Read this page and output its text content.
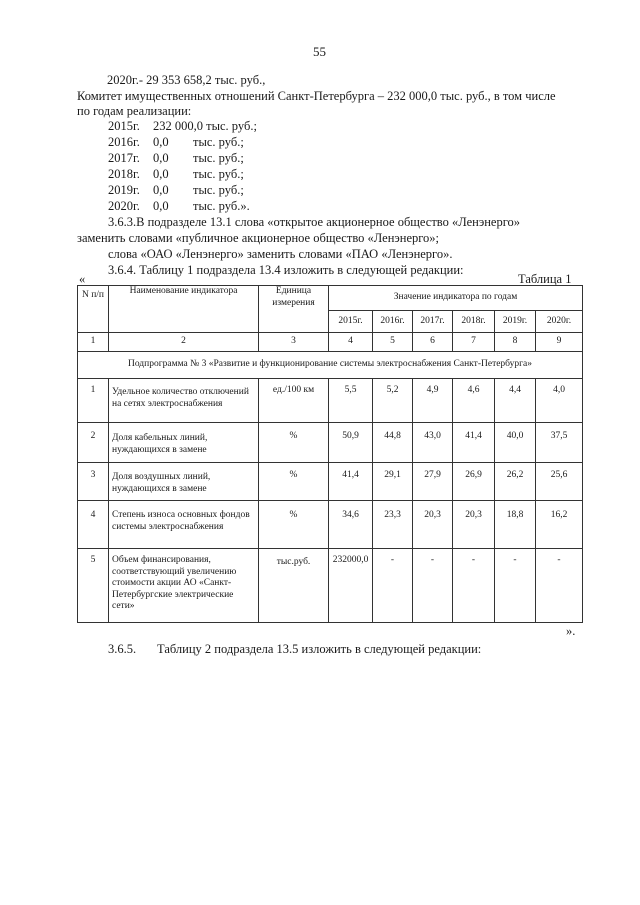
55
2020г.- 29 353 658,2 тыс. руб.,
Комитет имущественных отношений Санкт-Петербурга – 232 000,0 тыс. руб., в том числе
по годам реализации:
2015г. 232 000,0 тыс. руб.;
2016г. 0,0 тыс. руб.;
2017г. 0,0 тыс. руб.;
2018г. 0,0 тыс. руб.;
2019г. 0,0 тыс. руб.;
2020г. 0,0 тыс. руб.».
3.6.3.В подразделе 13.1 слова «открытое акционерное общество «Ленэнерго»
заменить словами «публичное акционерное общество «Ленэнерго»;
слова «ОАО «Ленэнерго» заменить словами «ПАО «Ленэнерго».
3.6.4. Таблицу 1 подраздела 13.4 изложить в следующей редакции:
«	Таблица 1
N п/п	Наименование индикатора	Единица измерения	Значение индикатора по годам					
			2015г.	2016г.	2017г.	2018г.	2019г.	2020г.
1	2	3	4	5	6	7	8	9
Подпрограмма № 3 «Развитие и функционирование системы электроснабжения Санкт-Петербурга»								
1	Удельное количество отключений на сетях электроснабжения	ед./100 км	5,5	5,2	4,9	4,6	4,4	4,0
2	Доля кабельных линий, нуждающихся в замене	%	50,9	44,8	43,0	41,4	40,0	37,5
3	Доля воздушных линий, нуждающихся в замене	%	41,4	29,1	27,9	26,9	26,2	25,6
4	Степень износа основных фондов системы электроснабжения	%	34,6	23,3	20,3	20,3	18,8	16,2
5	Объем финансирования, соответствующий увеличению стоимости акции АО «Санкт-Петербургские электрические сети»	тыс.руб.	232000,0	-	-	-	-	-
».
3.6.5. Таблицу 2 подраздела 13.5 изложить в следующей редакции:
